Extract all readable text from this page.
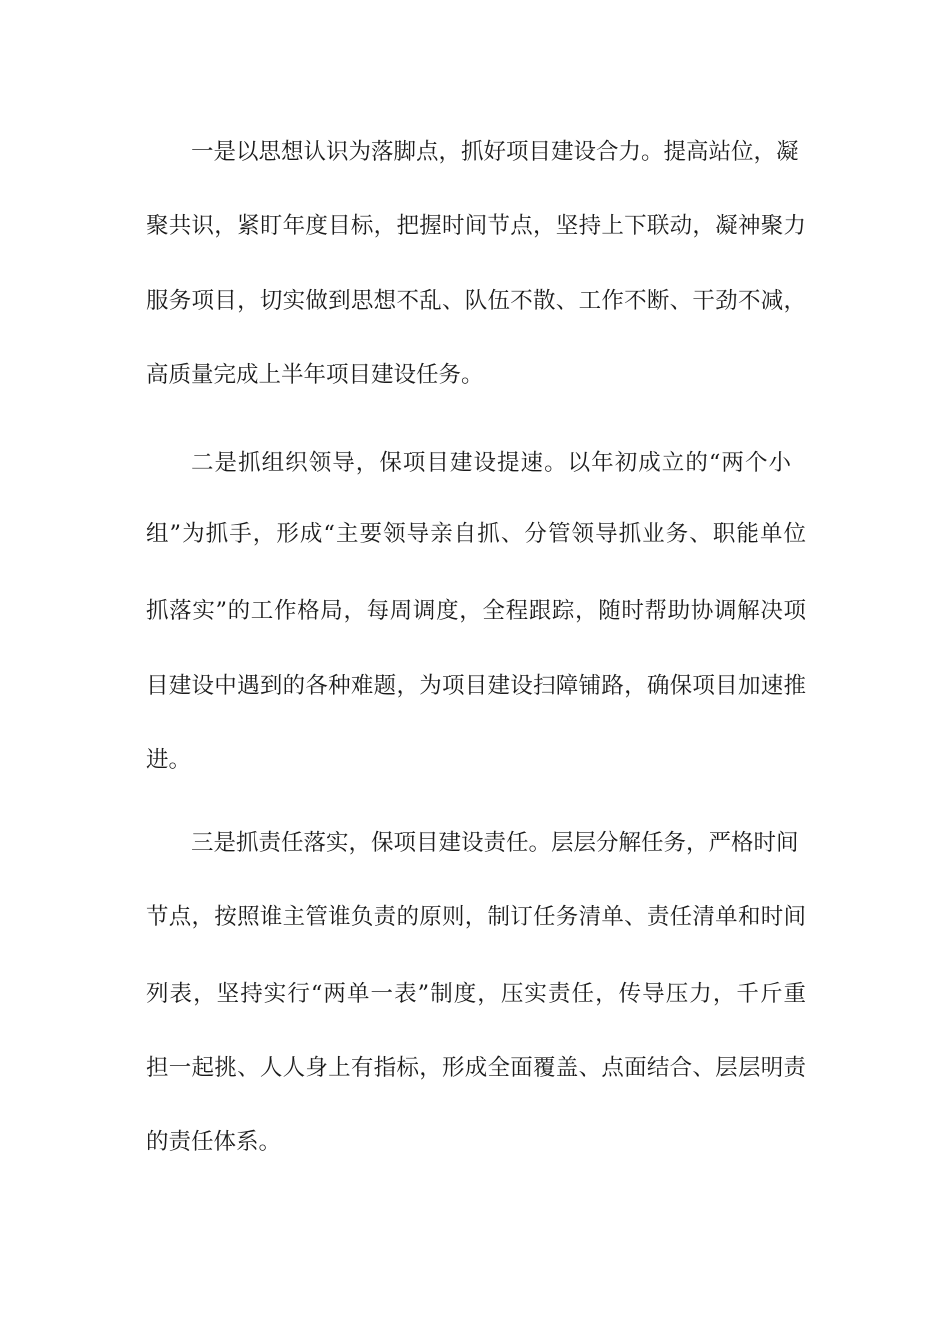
一是以思想认识为落脚点，抓好项目建设合力。提高站位，凝
聚共识，紧盯年度目标，把握时间节点，坚持上下联动，凝神聚力
服务项目，切实做到思想不乱、队伍不散、工作不断、干劲不减，
高质量完成上半年项目建设任务。
二是抓组织领导，保项目建设提速。以年初成立的“两个小
组”为抓手，形成“主要领导亲自抓、分管领导抓业务、职能单位
抓落实”的工作格局，每周调度，全程跟踪，随时帮助协调解决项
目建设中遇到的各种难题，为项目建设扫障铺路，确保项目加速推
进。
三是抓责任落实，保项目建设责任。层层分解任务，严格时间
节点，按照谁主管谁负责的原则，制订任务清单、责任清单和时间
列表，坚持实行“两单一表”制度，压实责任，传导压力，千斤重
担一起挑、人人身上有指标，形成全面覆盖、点面结合、层层明责
的责任体系。
